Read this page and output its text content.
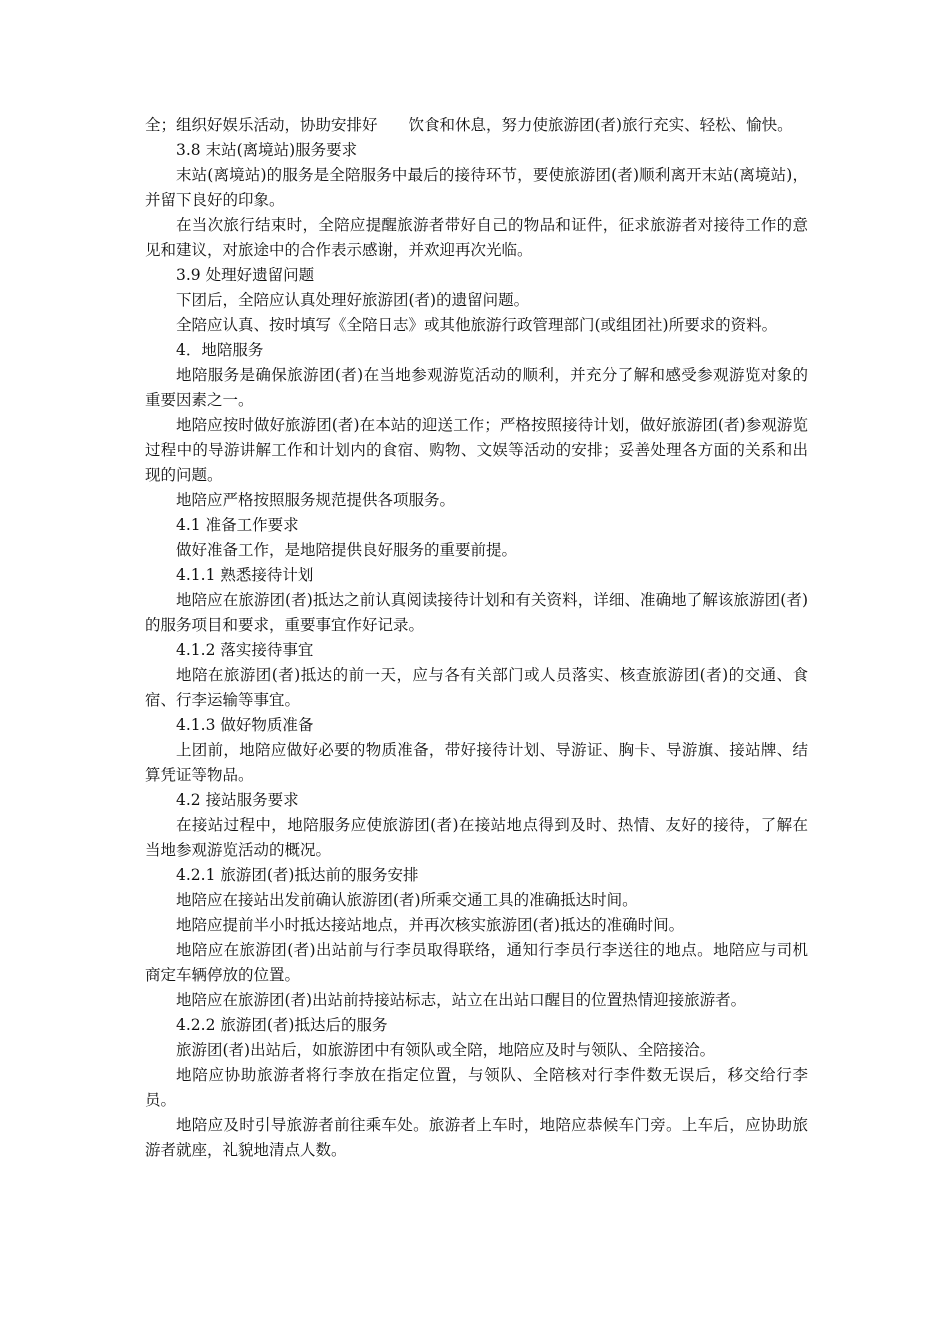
全；组织好娱乐活动，协助安排好　　饮食和休息，努力使旅游团(者)旅行充实、轻松、愉快。

3.8 末站(离境站)服务要求

末站(离境站)的服务是全陪服务中最后的接待环节，要使旅游团(者)顺利离开末站(离境站)，并留下良好的印象。

在当次旅行结束时，全陪应提醒旅游者带好自己的物品和证件，征求旅游者对接待工作的意见和建议，对旅途中的合作表示感谢，并欢迎再次光临。

3.9 处理好遗留问题

下团后，全陪应认真处理好旅游团(者)的遗留问题。

全陪应认真、按时填写《全陪日志》或其他旅游行政管理部门(或组团社)所要求的资料。

4．地陪服务

地陪服务是确保旅游团(者)在当地参观游览活动的顺利，并充分了解和感受参观游览对象的重要因素之一。

地陪应按时做好旅游团(者)在本站的迎送工作；严格按照接待计划，做好旅游团(者)参观游览过程中的导游讲解工作和计划内的食宿、购物、文娱等活动的安排；妥善处理各方面的关系和出现的问题。

地陪应严格按照服务规范提供各项服务。

4.1 准备工作要求

做好准备工作，是地陪提供良好服务的重要前提。

4.1.1 熟悉接待计划

地陪应在旅游团(者)抵达之前认真阅读接待计划和有关资料，详细、准确地了解该旅游团(者)的服务项目和要求，重要事宜作好记录。

4.1.2 落实接待事宜

地陪在旅游团(者)抵达的前一天，应与各有关部门或人员落实、核查旅游团(者)的交通、食宿、行李运输等事宜。

4.1.3 做好物质准备

上团前，地陪应做好必要的物质准备，带好接待计划、导游证、胸卡、导游旗、接站牌、结算凭证等物品。

4.2 接站服务要求

在接站过程中，地陪服务应使旅游团(者)在接站地点得到及时、热情、友好的接待，了解在当地参观游览活动的概况。

4.2.1 旅游团(者)抵达前的服务安排

地陪应在接站出发前确认旅游团(者)所乘交通工具的准确抵达时间。

地陪应提前半小时抵达接站地点，并再次核实旅游团(者)抵达的准确时间。

地陪应在旅游团(者)出站前与行李员取得联络，通知行李员行李送往的地点。地陪应与司机商定车辆停放的位置。

地陪应在旅游团(者)出站前持接站标志，站立在出站口醒目的位置热情迎接旅游者。

4.2.2 旅游团(者)抵达后的服务

旅游团(者)出站后，如旅游团中有领队或全陪，地陪应及时与领队、全陪接洽。

地陪应协助旅游者将行李放在指定位置，与领队、全陪核对行李件数无误后，移交给行李员。

地陪应及时引导旅游者前往乘车处。旅游者上车时，地陪应恭候车门旁。上车后，应协助旅游者就座，礼貌地清点人数。
